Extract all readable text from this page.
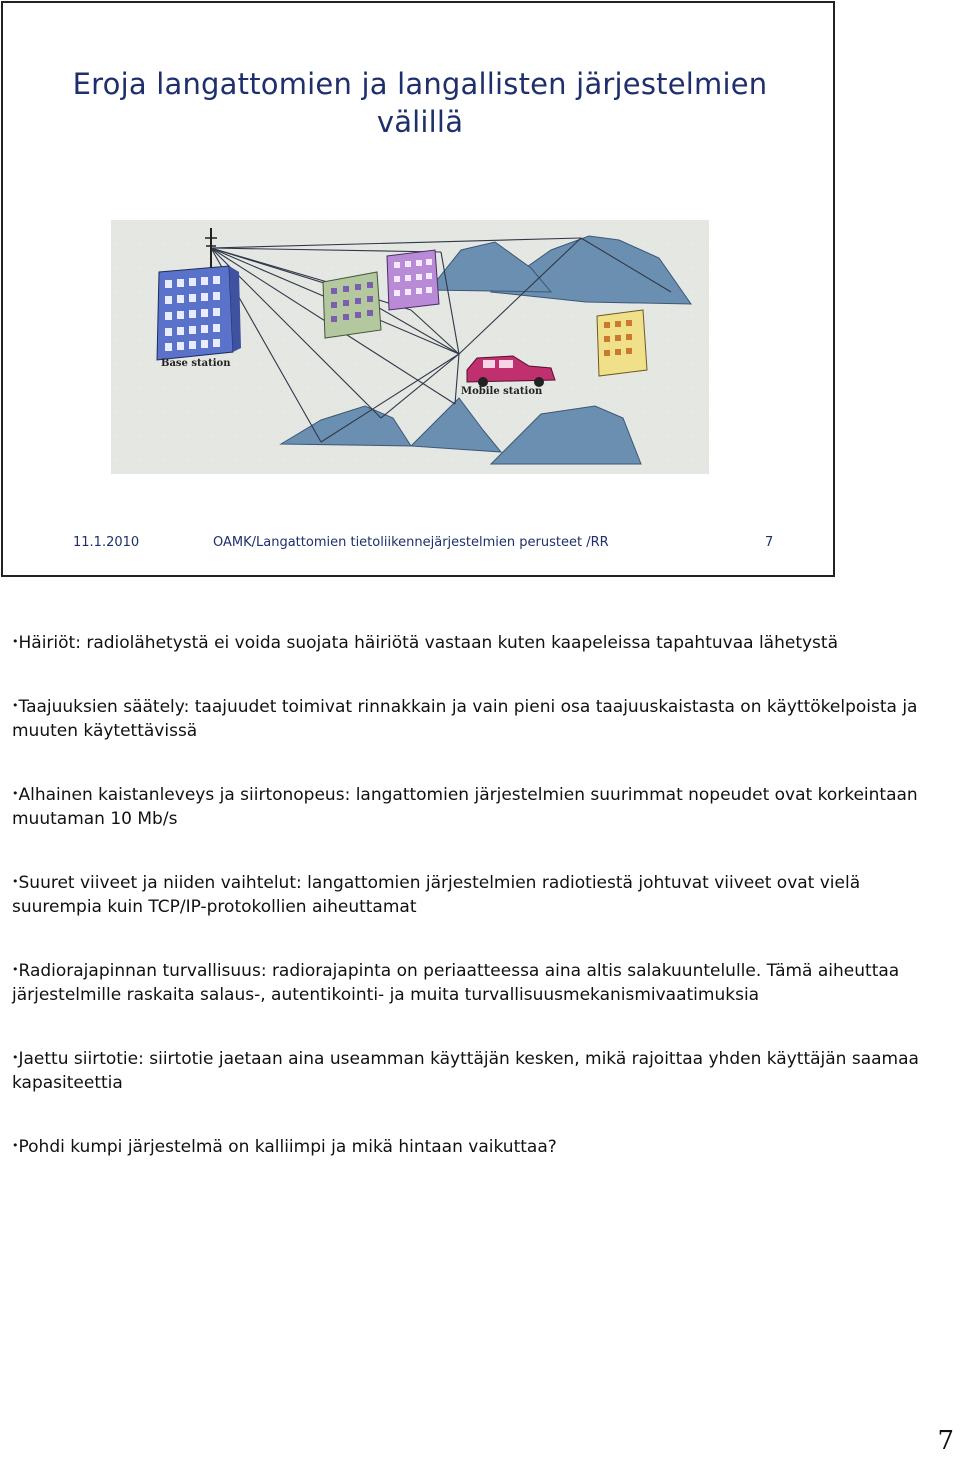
Eroja langattomien ja langallisten järjestelmien
välillä
Base station
Mobile station
11.1.2010	OAMK/Langattomien tietoliikennejärjestelmien perusteet /RR	7

• Häiriöt: radiolähetystä ei voida suojata häiriötä vastaan kuten kaapeleissa tapahtuvaa lähetystä

• Taajuuksien säätely: taajuudet toimivat rinnakkain ja vain pieni osa taajuuskaistasta on käyttökelpoista ja muuten käytettävissä

• Alhainen kaistanleveys ja siirtonopeus: langattomien järjestelmien suurimmat nopeudet ovat korkeintaan muutaman 10 Mb/s

• Suuret viiveet ja niiden vaihtelut: langattomien järjestelmien radiotiestä johtuvat viiveet ovat vielä suurempia kuin TCP/IP-protokollien aiheuttamat

• Radiorajapinnan turvallisuus: radiorajapinta on periaatteessa aina altis salakuuntelulle. Tämä aiheuttaa järjestelmille raskaita salaus-, autentikointi- ja muita turvallisuusmekanismivaatimuksia

• Jaettu siirtotie: siirtotie jaetaan aina useamman käyttäjän kesken, mikä rajoittaa yhden käyttäjän saamaa kapasiteettia

• Pohdi kumpi järjestelmä on kalliimpi ja mikä hintaan vaikuttaa?

7
